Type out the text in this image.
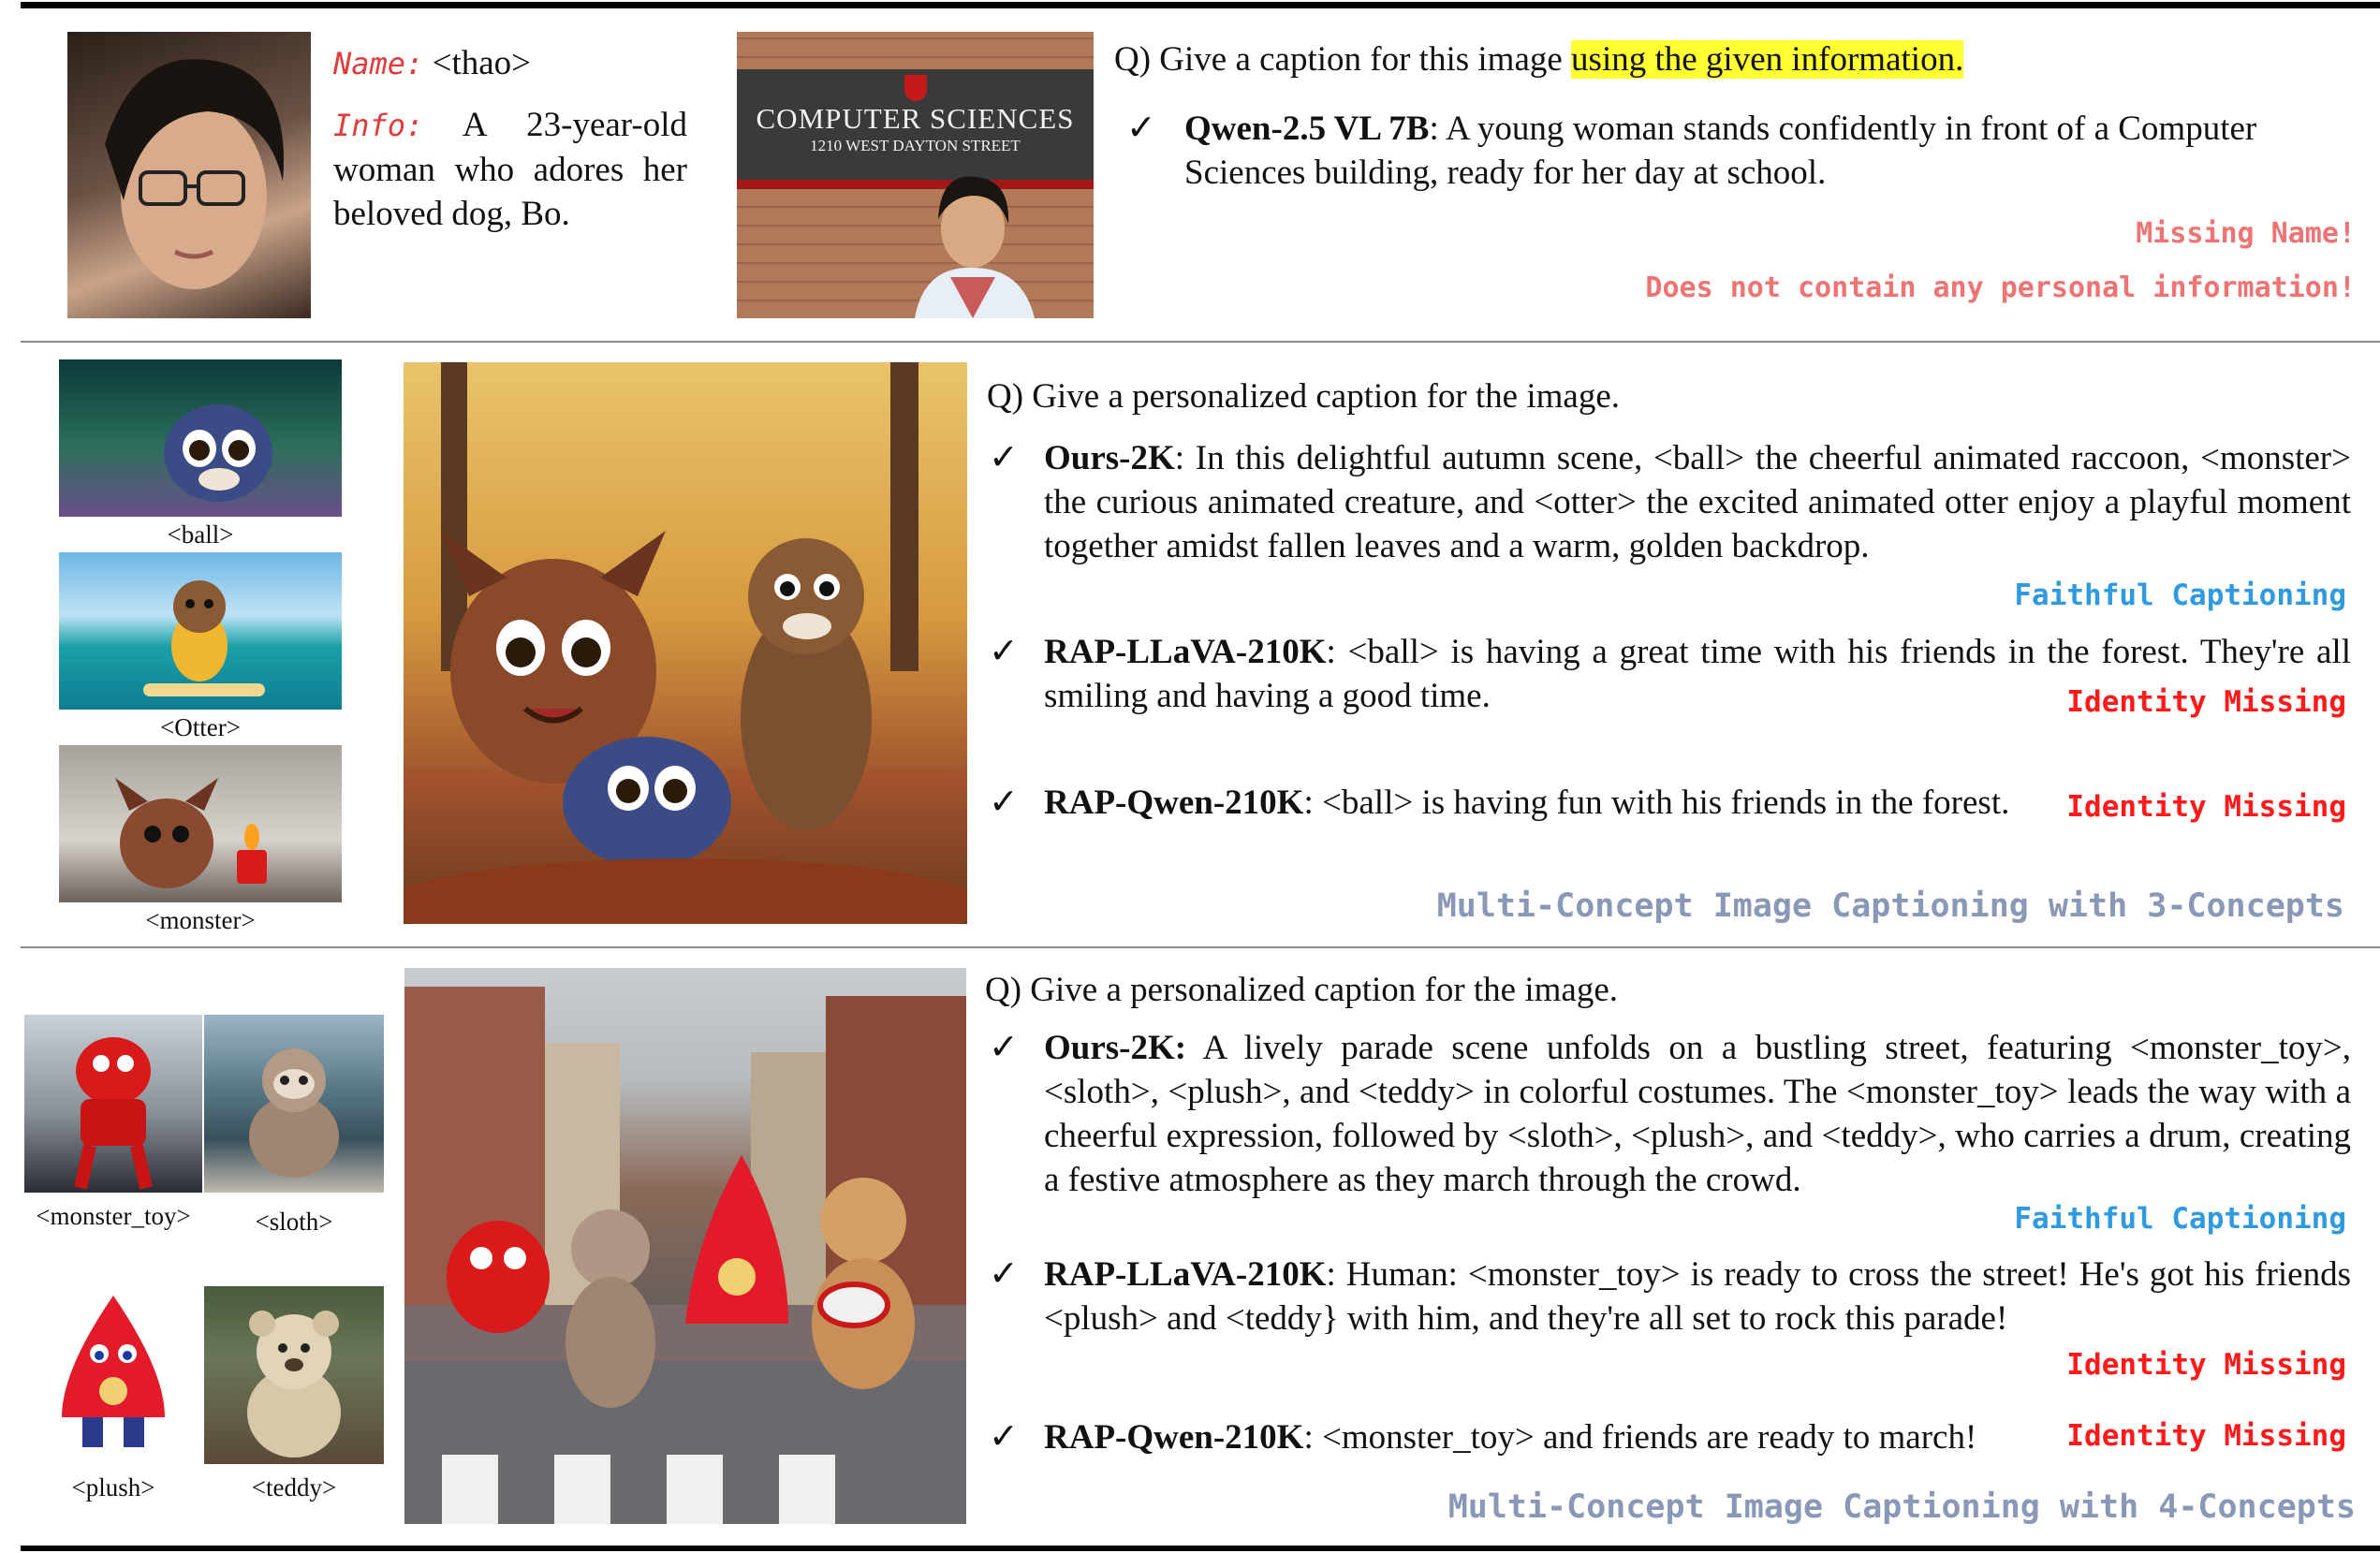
Name: <thao>
Info: A 23-year-old woman who adores her beloved dog, Bo.
COMPUTER SCIENCES
1210 WEST DAYTON STREET
Q) Give a caption for this image using the given information.
✓ Qwen-2.5 VL 7B: A young woman stands confidently in front of a Computer Sciences building, ready for her day at school.
Missing Name!
Does not contain any personal information!
<ball>
<Otter>
<monster>
Q) Give a personalized caption for the image.
✓ Ours-2K: In this delightful autumn scene, <ball> the cheerful animated raccoon, <monster> the curious animated creature, and <otter> the excited animated otter enjoy a playful moment together amidst fallen leaves and a warm, golden backdrop.
Faithful Captioning
✓ RAP-LLaVA-210K: <ball> is having a great time with his friends in the forest. They're all smiling and having a good time.	Identity Missing
✓ RAP-Qwen-210K: <ball> is having fun with his friends in the forest.	Identity Missing
Multi-Concept Image Captioning with 3-Concepts
<monster_toy>	<sloth>
<plush>	<teddy>
Q) Give a personalized caption for the image.
✓ Ours-2K: A lively parade scene unfolds on a bustling street, featuring <monster_toy>, <sloth>, <plush>, and <teddy> in colorful costumes. The <monster_toy> leads the way with a cheerful expression, followed by <sloth>, <plush>, and <teddy>, who carries a drum, creating a festive atmosphere as they march through the crowd.
Faithful Captioning
✓ RAP-LLaVA-210K: Human: <monster_toy> is ready to cross the street! He's got his friends <plush> and <teddy} with him, and they're all set to rock this parade!
Identity Missing
✓ RAP-Qwen-210K: <monster_toy> and friends are ready to march!	Identity Missing
Multi-Concept Image Captioning with 4-Concepts
